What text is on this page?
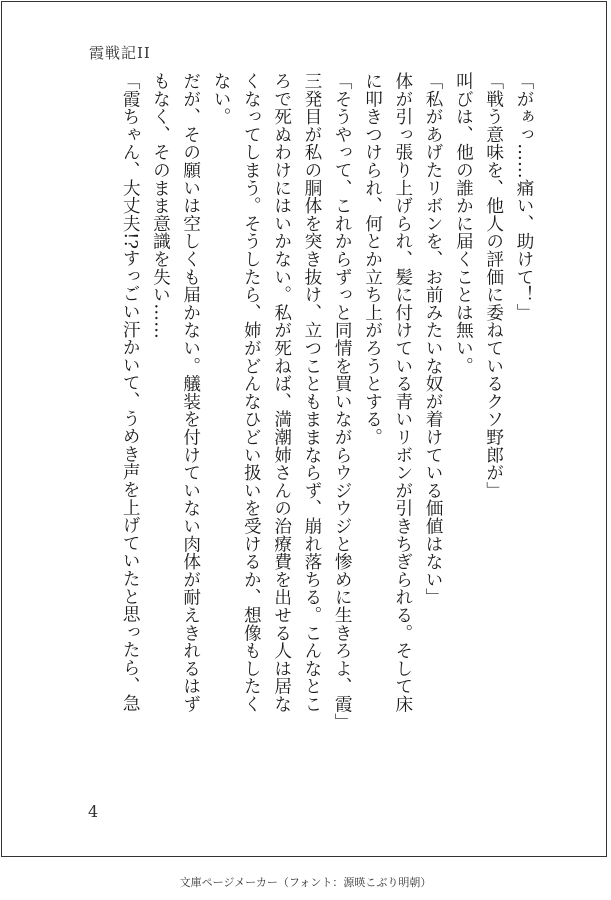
霞戦記II
「がぁっ……痛い、助けて！」
「戦う意味を、他人の評価に委ねているクソ野郎が」
叫びは、他の誰かに届くことは無い。
「私があげたリボンを、お前みたいな奴が着けている価値はない」
体が引っ張り上げられ、髪に付けている青いリボンが引きちぎられる。そして床
に叩きつけられ、何とか立ち上がろうとする。
「そうやって、これからずっと同情を買いながらウジウジと惨めに生きろよ、霞」
三発目が私の胴体を突き抜け、立つこともままならず、崩れ落ちる。こんなとこ
ろで死ぬわけにはいかない。私が死ねば、満潮姉さんの治療費を出せる人は居な
くなってしまう。そうしたら、姉がどんなひどい扱いを受けるか、想像もしたく
ない。
だが、その願いは空しくも届かない。艤装を付けていない肉体が耐えきれるはず
もなく、そのまま意識を失い……
「霞ちゃん、大丈夫!?すっごい汗かいて、うめき声を上げていたと思ったら、急
4
文庫ページメーカー（フォント：源暎こぶり明朝）
